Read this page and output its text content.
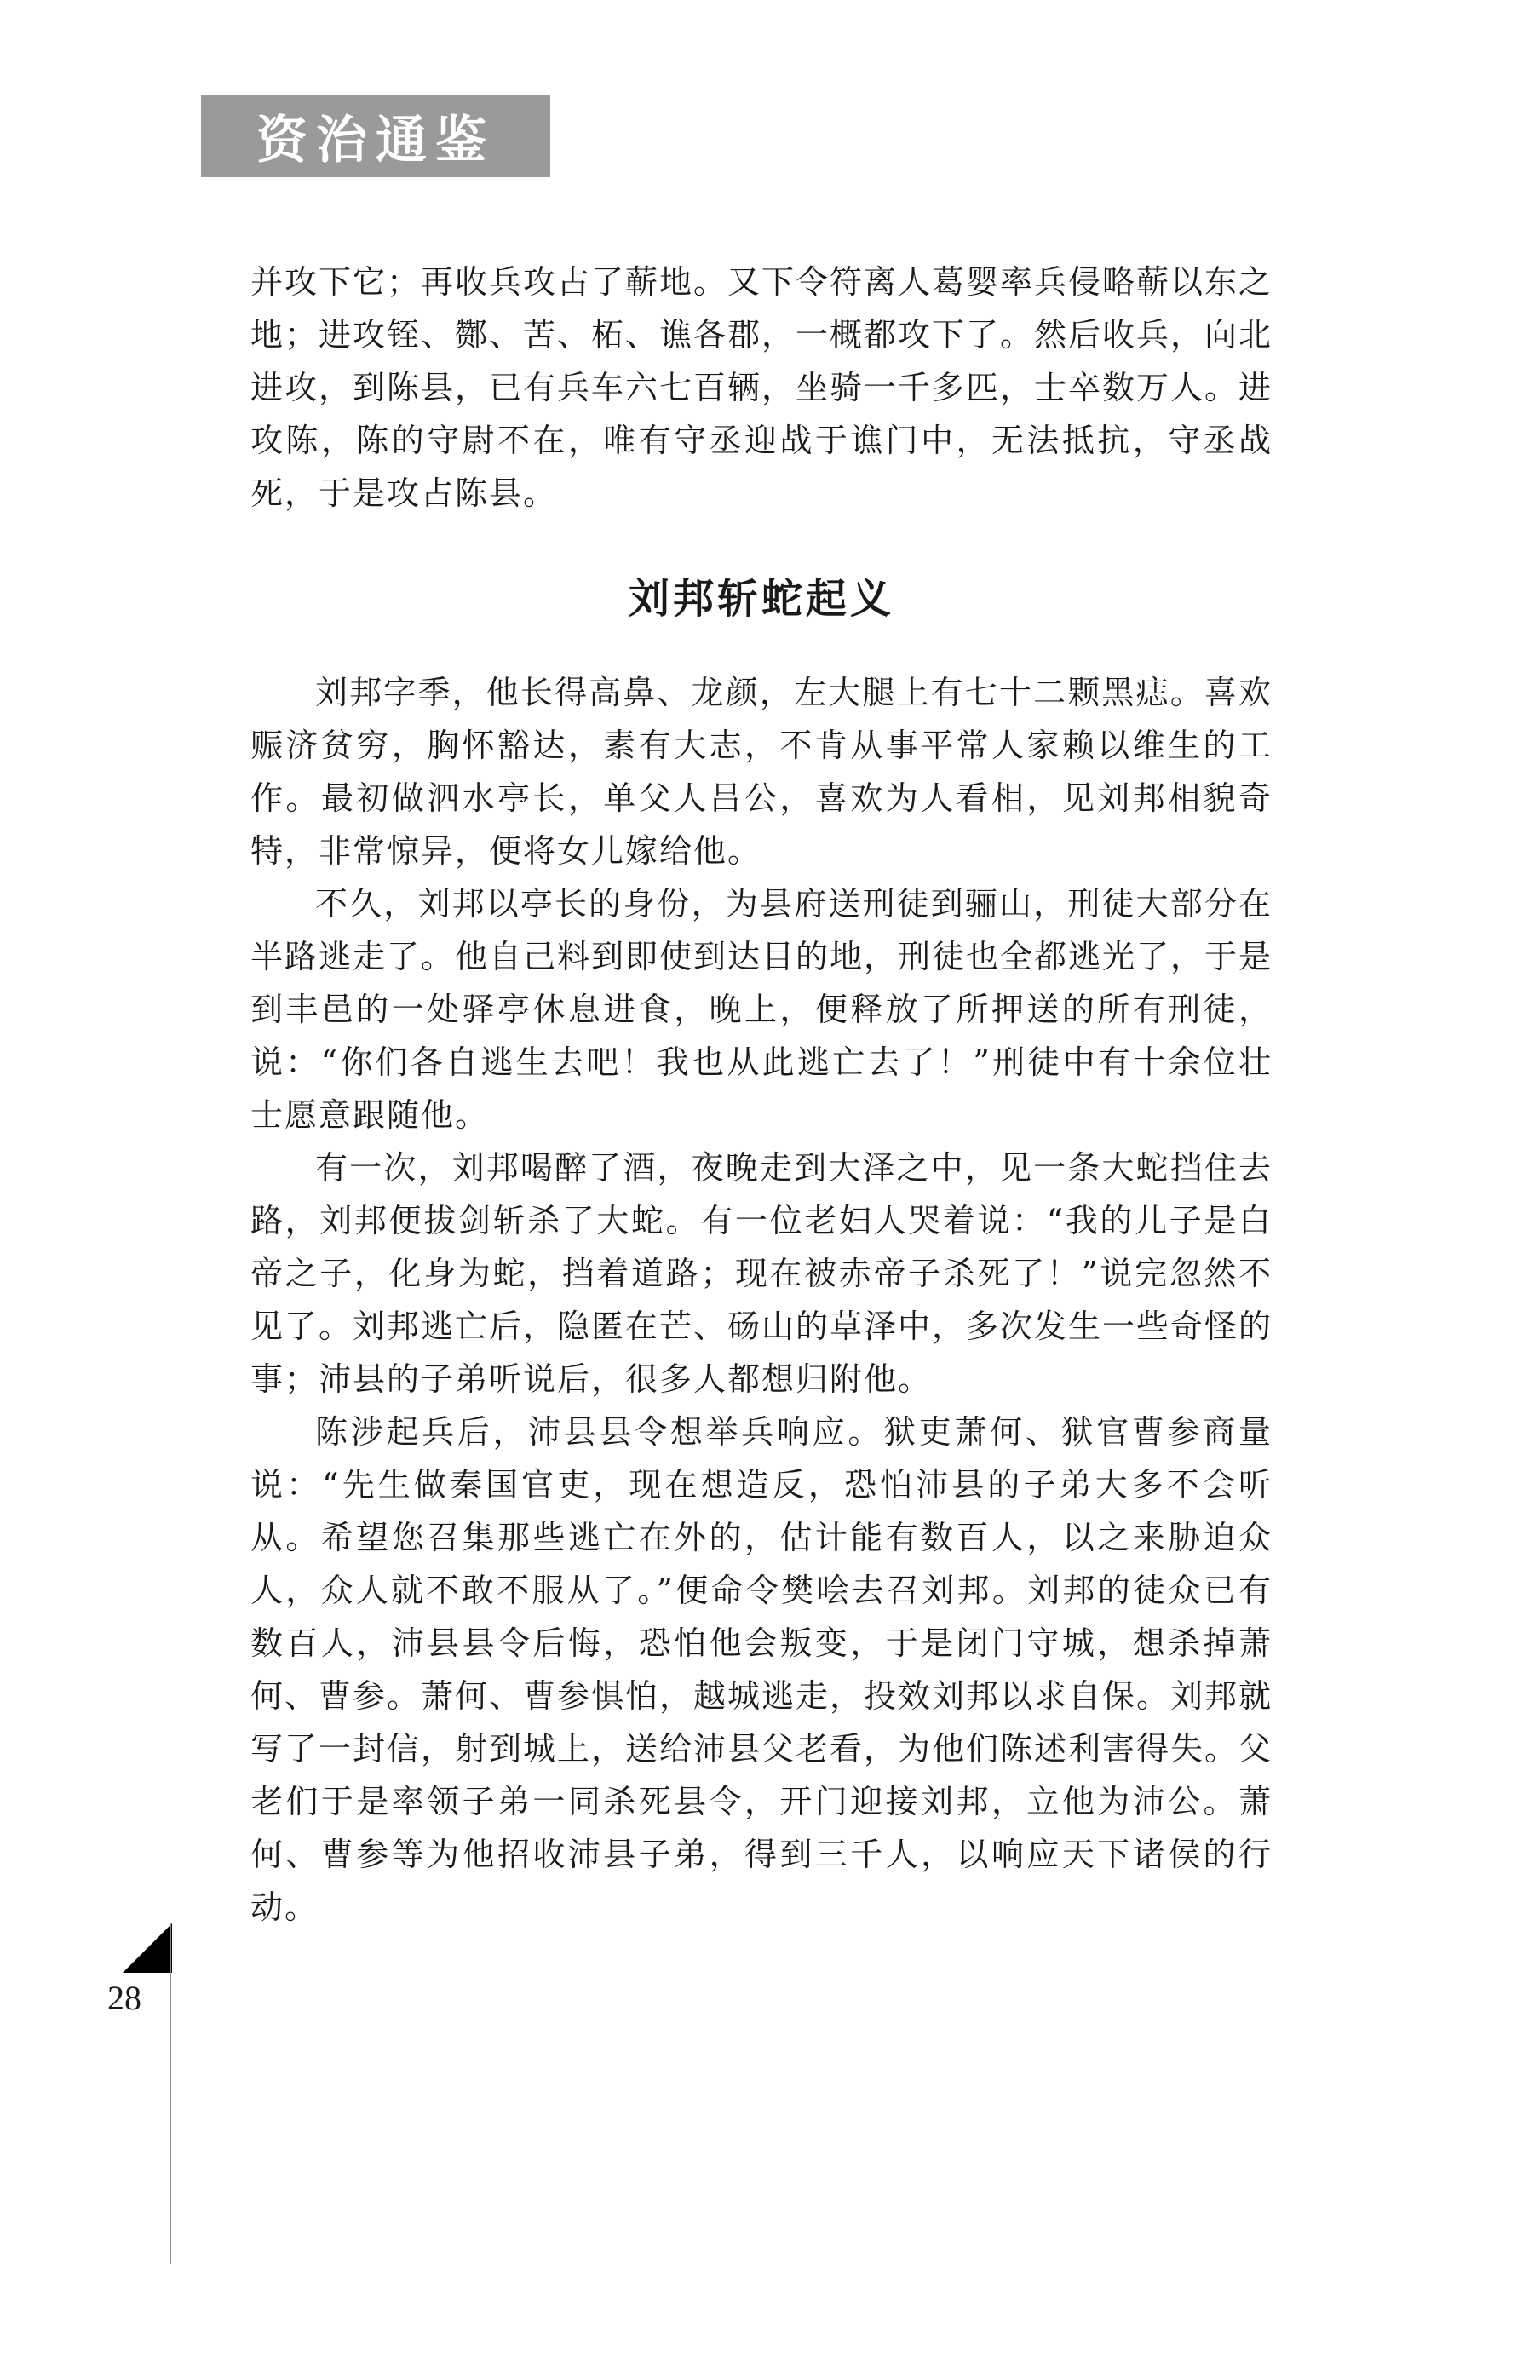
资治通鉴

并攻下它；再收兵攻占了蕲地。又下令符离人葛婴率兵侵略蕲以东之地；进攻铚、酂、苦、柘、谯各郡，一概都攻下了。然后收兵，向北进攻，到陈县，已有兵车六七百辆，坐骑一千多匹，士卒数万人。进攻陈，陈的守尉不在，唯有守丞迎战于谯门中，无法抵抗，守丞战死，于是攻占陈县。

刘邦斩蛇起义

刘邦字季，他长得高鼻、龙颜，左大腿上有七十二颗黑痣。喜欢赈济贫穷，胸怀豁达，素有大志，不肯从事平常人家赖以维生的工作。最初做泗水亭长，单父人吕公，喜欢为人看相，见刘邦相貌奇特，非常惊异，便将女儿嫁给他。

不久，刘邦以亭长的身份，为县府送刑徒到骊山，刑徒大部分在半路逃走了。他自己料到即使到达目的地，刑徒也全都逃光了，于是到丰邑的一处驿亭休息进食，晚上，便释放了所押送的所有刑徒，说：“你们各自逃生去吧！我也从此逃亡去了！”刑徒中有十余位壮士愿意跟随他。

有一次，刘邦喝醉了酒，夜晚走到大泽之中，见一条大蛇挡住去路，刘邦便拔剑斩杀了大蛇。有一位老妇人哭着说：“我的儿子是白帝之子，化身为蛇，挡着道路；现在被赤帝子杀死了！”说完忽然不见了。刘邦逃亡后，隐匿在芒、砀山的草泽中，多次发生一些奇怪的事；沛县的子弟听说后，很多人都想归附他。

陈涉起兵后，沛县县令想举兵响应。狱吏萧何、狱官曹参商量说：“先生做秦国官吏，现在想造反，恐怕沛县的子弟大多不会听从。希望您召集那些逃亡在外的，估计能有数百人，以之来胁迫众人，众人就不敢不服从了。”便命令樊哙去召刘邦。刘邦的徒众已有数百人，沛县县令后悔，恐怕他会叛变，于是闭门守城，想杀掉萧何、曹参。萧何、曹参惧怕，越城逃走，投效刘邦以求自保。刘邦就写了一封信，射到城上，送给沛县父老看，为他们陈述利害得失。父老们于是率领子弟一同杀死县令，开门迎接刘邦，立他为沛公。萧何、曹参等为他招收沛县子弟，得到三千人，以响应天下诸侯的行动。

28
